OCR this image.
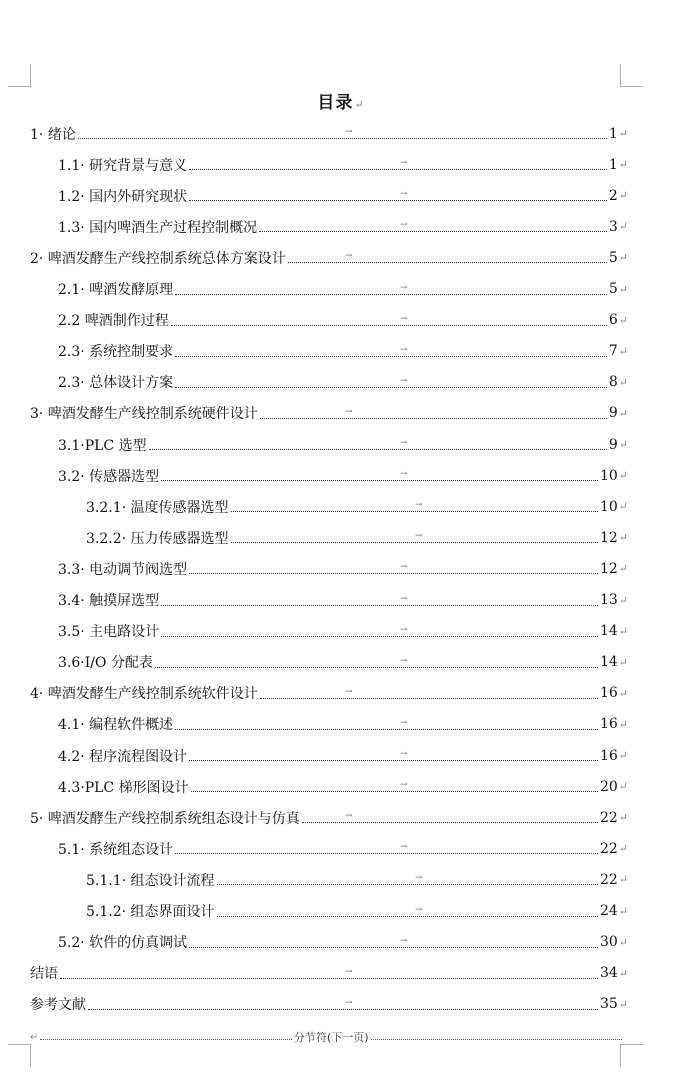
目录↵
1· 绪论	→	1 ↵
1.1· 研究背景与意义	→	1 ↵
1.2· 国内外研究现状	→	2 ↵
1.3· 国内啤酒生产过程控制概况	→	3 ↵
2· 啤酒发酵生产线控制系统总体方案设计	→	5 ↵
2.1· 啤酒发酵原理	→	5 ↵
2.2 啤酒制作过程	→	6 ↵
2.3· 系统控制要求	→	7 ↵
2.3· 总体设计方案	→	8 ↵
3· 啤酒发酵生产线控制系统硬件设计	→	9 ↵
3.1·PLC 选型	→	9 ↵
3.2· 传感器选型	→	10 ↵
3.2.1· 温度传感器选型	→	10 ↵
3.2.2· 压力传感器选型	→	12 ↵
3.3· 电动调节阀选型	→	12 ↵
3.4· 触摸屏选型	→	13 ↵
3.5· 主电路设计	→	14 ↵
3.6·I/O 分配表	→	14 ↵
4· 啤酒发酵生产线控制系统软件设计	→	16 ↵
4.1· 编程软件概述	→	16 ↵
4.2· 程序流程图设计	→	16 ↵
4.3·PLC 梯形图设计	→	20 ↵
5· 啤酒发酵生产线控制系统组态设计与仿真	→	22 ↵
5.1· 系统组态设计	→	22 ↵
5.1.1· 组态设计流程	→	22 ↵
5.1.2· 组态界面设计	→	24 ↵
5.2· 软件的仿真调试	→	30 ↵
结语	→	34 ↵
参考文献	→	35 ↵
↵	分节符(下一页)
